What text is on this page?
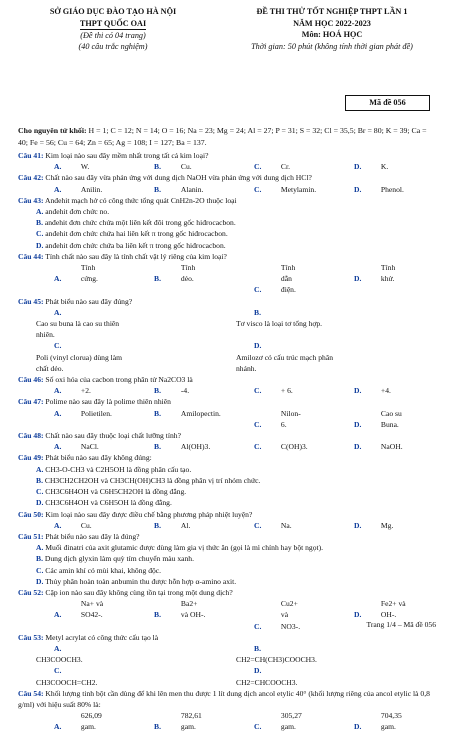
SỞ GIÁO DỤC ĐÀO TẠO HÀ NỘI
THPT QUỐC OAI
(Đề thi có 04 trang)
(40 câu trắc nghiệm)
ĐỀ THI THỬ TỐT NGHIỆP THPT LẦN 1
NĂM HỌC 2022-2023
Môn: HOÁ HỌC
Thời gian: 50 phút (không tính thời gian phát đề)
Mã đề 056
Cho nguyên tử khối: H = 1; C = 12; N = 14; O = 16; Na = 23; Mg = 24; Al = 27; P = 31; S = 32; Cl = 35,5; Br = 80; K = 39; Ca = 40; Fe = 56; Cu = 64; Zn = 65; Ag = 108; I = 127; Ba = 137.
Câu 41: Kim loại nào sau đây mềm nhất trong tất cả kim loại?
A.	W.	B.	Cu.	C.	Cr.	D.	K.
Câu 42: Chất nào sau đây vừa phản ứng với dung dịch NaOH vừa phản ứng với dung dịch HCl?
A.	Anilin.	B.	Alanin.	C.	Metylamin.	D.	Phenol.
Câu 43: Anđehit mạch hở có công thức tổng quát CnH2n-2O thuộc loại
A. anđehit đơn chức no.
B. anđehit đơn chức chứa một liên kết đôi trong gốc hiđrocacbon.
C. anđehit đơn chức chứa hai liên kết π trong gốc hiđrocacbon.
D. anđehit đơn chức chứa ba liên kết π trong gốc hiđrocacbon.
Câu 44: Tính chất nào sau đây là tính chất vật lý riêng của kim loại?
A. Tính cứng.	B. Tính dẻo.
C. Tính dẫn điện.
D. Tính khử.
Câu 45: Phát biểu nào sau đây đúng?
A. Cao su buna là cao su thiên nhiên.
B. Tơ visco là loại tơ tổng hợp.
C. Poli (vinyl clorua) dùng làm chất dẻo.
D. Amilozơ có cấu trúc mạch phân nhánh.
Câu 46: Số oxi hóa của cacbon trong phân tử Na2CO3 là
A.	+2.	B.	-4.	C.	+ 6.	D.	+4.
Câu 47: Polime nào sau đây là polime thiên nhiên
A.	Polietilen.	B.	Amilopectin.
C. Nilon-6.	D. Cao su Buna.
Câu 48: Chất nào sau đây thuộc loại chất lưỡng tính?
A.	NaCl.	B.	Al(OH)3.	C.	C(OH)3.	D.	NaOH.
Câu 49: Phát biểu nào sau đây không đúng:
A. CH3-O-CH3 và C2H5OH là đồng phân cấu tạo.
B. CH3CH2CH2OH và CH3CH(OH)CH3 là đồng phân vị trí nhóm chức.
C. CH3C6H4OH và C6H5CH2OH là đồng đẳng.
D. CH3C6H4OH và C6H5OH là đồng đẳng.
Câu 50: Kim loại nào sau đây được điều chế bằng phương pháp nhiệt luyện?
A.	Cu.	B.	Al.	C.	Na.	D.	Mg.
Câu 51: Phát biểu nào sau đây là đúng?
A. Muối đinatri của axit glutamic được dùng làm gia vị thức ăn (gọi là mì chính hay bột ngọt).
B. Dung dịch glyxin làm quỳ tím chuyển màu xanh.
C. Các amin khí có mùi khai, không độc.
D. Thủy phân hoàn toàn anbumin thu được hỗn hợp α-amino axit.
Câu 52: Cặp ion nào sau đây không cùng tồn tại trong một dung dịch?
A. Na+ và SO42-.	B. Ba2+ và OH-.
C. Cu2+ và NO3-.
D. Fe2+ và OH-.
Câu 53: Metyl acrylat có công thức cấu tạo là
A. CH3COOCH3.
B. CH2=CH(CH3)COOCH3.
C. CH3COOCH=CH2.
D. CH2=CHCOOCH3.
Câu 54: Khối lượng tinh bột cần dùng để khi lên men thu được 1 lít dung dịch ancol etylic 40° (khối lượng riêng của ancol etylic là 0,8 g/ml) với hiệu suất 80% là:
A. 626,09 gam.	B. 782,61 gam.	C. 305,27 gam.	D. 704,35 gam.
Trang 1/4 – Mã đề 056
